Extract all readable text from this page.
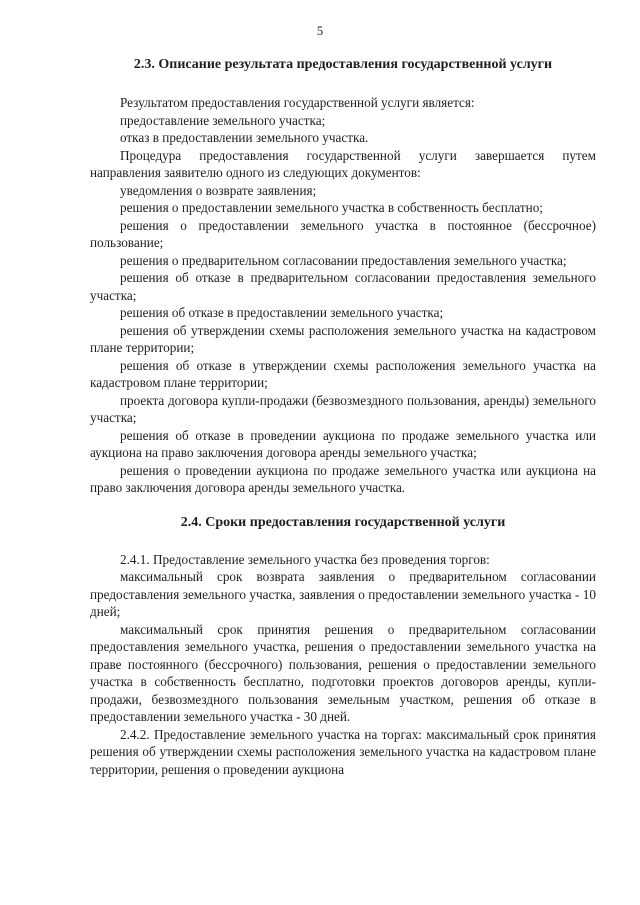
5
2.3. Описание результата предоставления государственной услуги

Результатом предоставления государственной услуги является:

предоставление земельного участка;

отказ в предоставлении земельного участка.

Процедура предоставления государственной услуги завершается путем направления заявителю одного из следующих документов:

уведомления о возврате заявления;

решения о предоставлении земельного участка в собственность бесплатно;

решения о предоставлении земельного участка в постоянное (бессрочное) пользование;

решения о предварительном согласовании предоставления земельного участка;

решения об отказе в предварительном согласовании предоставления земельного участка;

решения об отказе в предоставлении земельного участка;

решения об утверждении схемы расположения земельного участка на кадастровом плане территории;

решения об отказе в утверждении схемы расположения земельного участка на кадастровом плане территории;

проекта договора купли-продажи (безвозмездного пользования, аренды) земельного участка;

решения об отказе в проведении аукциона по продаже земельного участка или аукциона на право заключения договора аренды земельного участка;

решения о проведении аукциона по продаже земельного участка или аукциона на право заключения договора аренды земельного участка.

2.4. Сроки предоставления государственной услуги

2.4.1. Предоставление земельного участка без проведения торгов:

максимальный срок возврата заявления о предварительном согласовании предоставления земельного участка, заявления о предоставлении земельного участка - 10 дней;

максимальный срок принятия решения о предварительном согласовании предоставления земельного участка, решения о предоставлении земельного участка на праве постоянного (бессрочного) пользования, решения о предоставлении земельного участка в собственность бесплатно, подготовки проектов договоров аренды, купли-продажи, безвозмездного пользования земельным участком, решения об отказе в предоставлении земельного участка - 30 дней.

2.4.2. Предоставление земельного участка на торгах: максимальный срок принятия решения об утверждении схемы расположения земельного участка на кадастровом плане территории, решения о проведении аукциона
